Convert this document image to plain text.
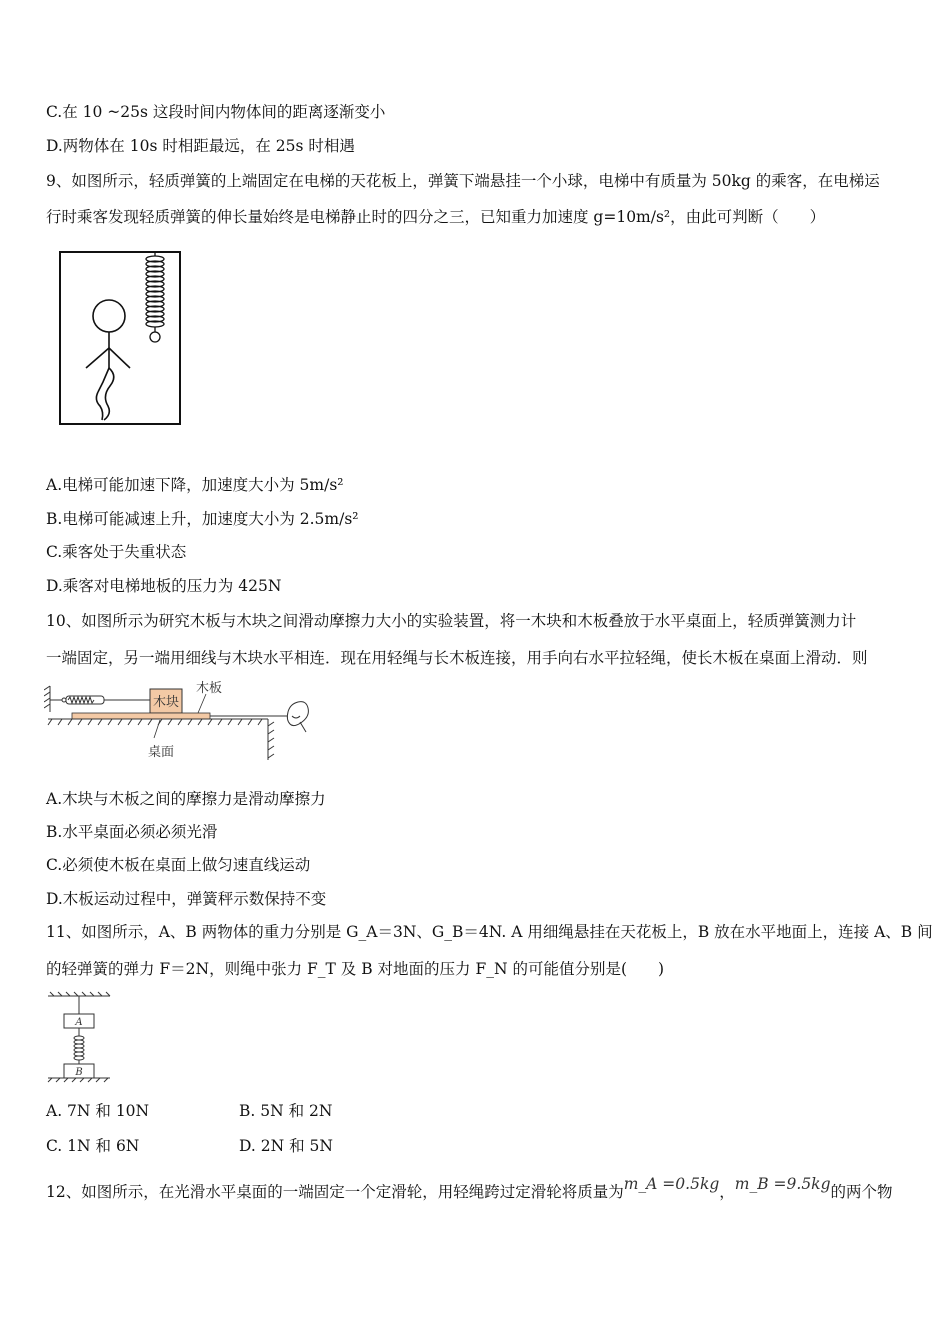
C.在 10 ~25s 这段时间内物体间的距离逐渐变小
D.两物体在 10s 时相距最远，在 25s 时相遇
9、如图所示，轻质弹簧的上端固定在电梯的天花板上，弹簧下端悬挂一个小球，电梯中有质量为 50kg 的乘客，在电梯运
行时乘客发现轻质弹簧的伸长量始终是电梯静止时的四分之三，已知重力加速度 g=10m/s²，由此可判断（　　）
A.电梯可能加速下降，加速度大小为 5m/s²
B.电梯可能减速上升，加速度大小为 2.5m/s²
C.乘客处于失重状态
D.乘客对电梯地板的压力为 425N
10、如图所示为研究木板与木块之间滑动摩擦力大小的实验装置，将一木块和木板叠放于水平桌面上，轻质弹簧测力计
一端固定，另一端用细线与木块水平相连．现在用轻绳与长木板连接，用手向右水平拉轻绳，使长木板在桌面上滑动．则
木块
木板
桌面
A.木块与木板之间的摩擦力是滑动摩擦力
B.水平桌面必须必须光滑
C.必须使木板在桌面上做匀速直线运动
D.木板运动过程中，弹簧秤示数保持不变
11、如图所示，A、B 两物体的重力分别是 G_A＝3N、G_B＝4N. A 用细绳悬挂在天花板上，B 放在水平地面上，连接 A、B 间
的轻弹簧的弹力 F＝2N，则绳中张力 F_T 及 B 对地面的压力 F_N 的可能值分别是(　　)
A
B
A. 7N 和 10N	B. 5N 和 2N
C. 1N 和 6N	D. 2N 和 5N
12、如图所示，在光滑水平桌面的一端固定一个定滑轮，用轻绳跨过定滑轮将质量为m_A =0.5kg，m_B =9.5kg的两个物
